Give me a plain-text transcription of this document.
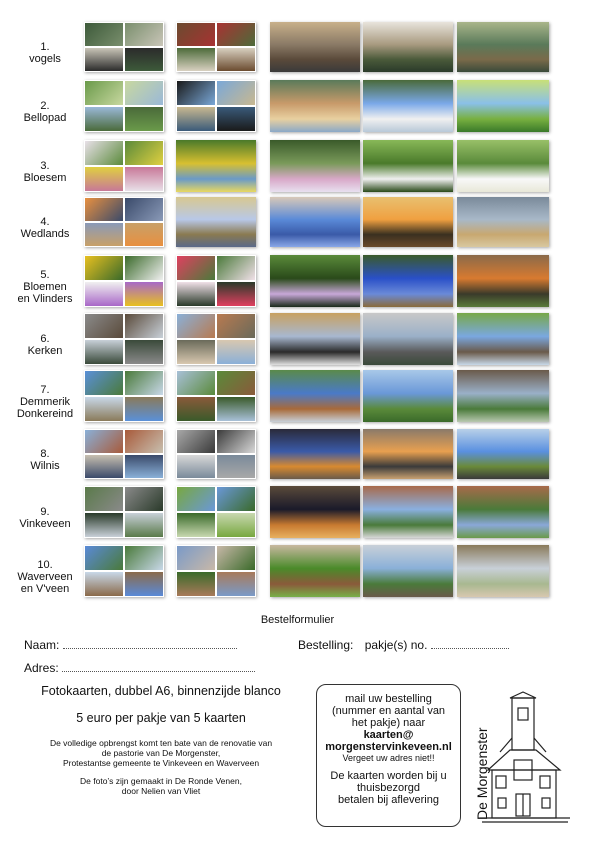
1.
vogels
2.
Bellopad
3.
Bloesem
4.
Wedlands
5.
Bloemen
en Vlinders
6.
Kerken
7.
Demmerik
Donkereind
8.
Wilnis
9.
Vinkeveen
10.
Waverveen
en V'veen
Bestelformulier
Naam:	Bestelling: pakje(s) no.
Adres:
Fotokaarten, dubbel A6, binnenzijde blanco
5 euro per pakje van 5 kaarten
De volledige opbrengst komt ten bate van de renovatie van
de pastorie van De Morgenster,
Protestantse gemeente te Vinkeveen en Waverveen
De foto’s zijn gemaakt in De Ronde Venen,
door Nelien van Vliet
mail uw bestelling
(nummer en aantal van
het pakje) naar
kaarten@
morgenstervinkeveen.nl
Vergeet uw adres niet!!
De kaarten worden bij u
thuisbezorgd
betalen bij aflevering	De Morgenster
